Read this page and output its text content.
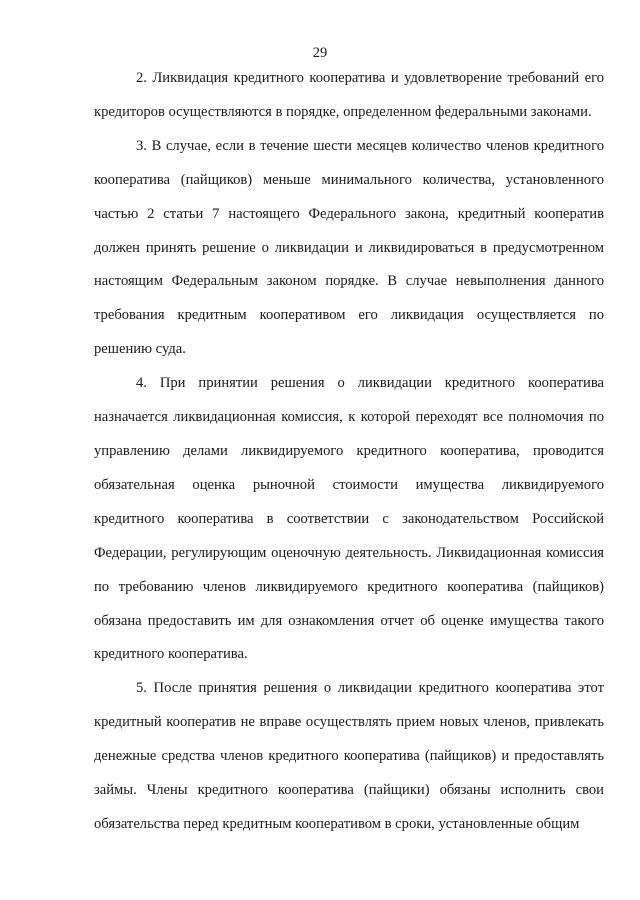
29

2. Ликвидация кредитного кооператива и удовлетворение требований его кредиторов осуществляются в порядке, определенном федеральными законами.

3. В случае, если в течение шести месяцев количество членов кредитного кооператива (пайщиков) меньше минимального количества, установленного частью 2 статьи 7 настоящего Федерального закона, кредитный кооператив должен принять решение о ликвидации и ликвидироваться в предусмотренном настоящим Федеральным законом порядке. В случае невыполнения данного требования кредитным кооперативом его ликвидация осуществляется по решению суда.

4. При принятии решения о ликвидации кредитного кооператива назначается ликвидационная комиссия, к которой переходят все полномочия по управлению делами ликвидируемого кредитного кооператива, проводится обязательная оценка рыночной стоимости имущества ликвидируемого кредитного кооператива в соответствии с законодательством Российской Федерации, регулирующим оценочную деятельность. Ликвидационная комиссия по требованию членов ликвидируемого кредитного кооператива (пайщиков) обязана предоставить им для ознакомления отчет об оценке имущества такого кредитного кооператива.

5. После принятия решения о ликвидации кредитного кооператива этот кредитный кооператив не вправе осуществлять прием новых членов, привлекать денежные средства членов кредитного кооператива (пайщиков) и предоставлять займы. Члены кредитного кооператива (пайщики) обязаны исполнить свои обязательства перед кредитным кооперативом в сроки, установленные общим
